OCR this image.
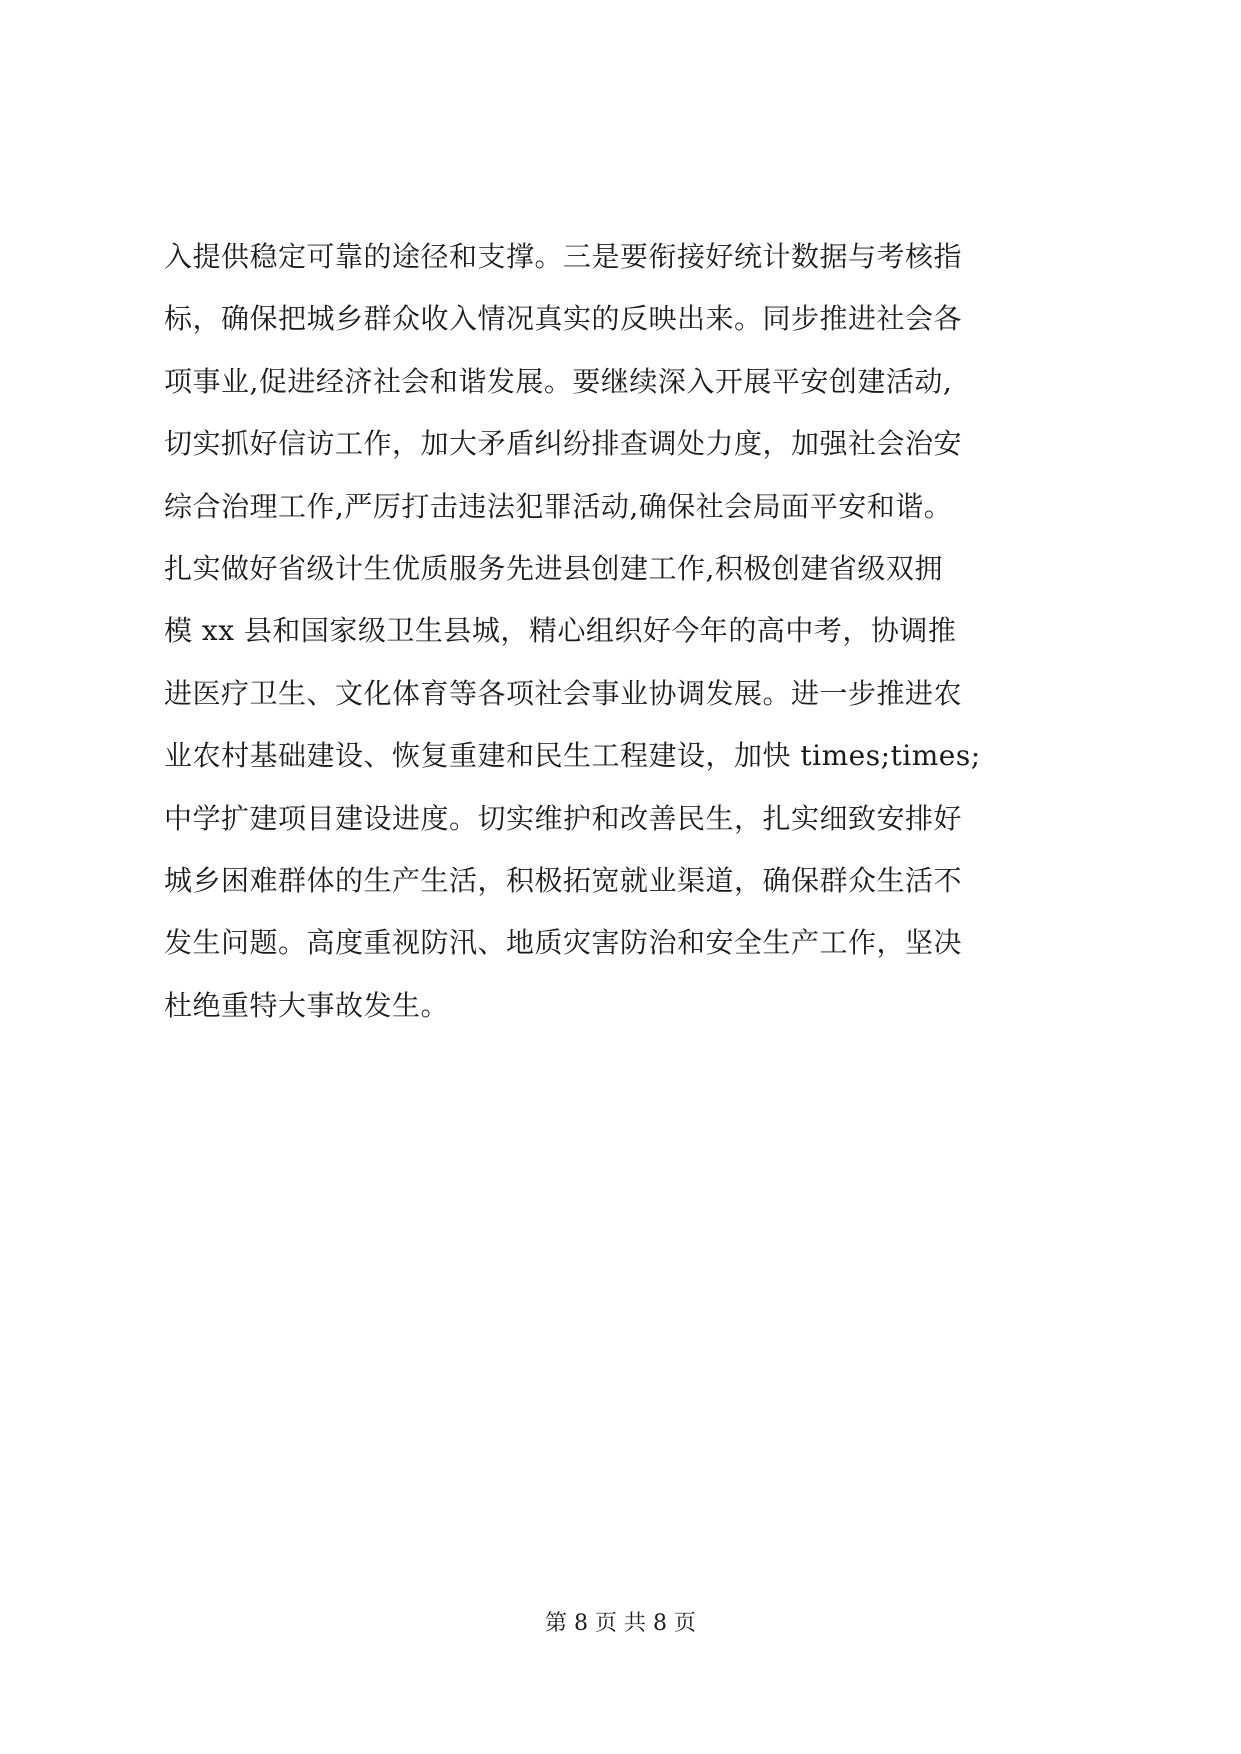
入提供稳定可靠的途径和支撑。三是要衔接好统计数据与考核指
标，确保把城乡群众收入情况真实的反映出来。同步推进社会各
项事业,促进经济社会和谐发展。要继续深入开展平安创建活动,
切实抓好信访工作，加大矛盾纠纷排查调处力度，加强社会治安
综合治理工作,严厉打击违法犯罪活动,确保社会局面平安和谐。
扎实做好省级计生优质服务先进县创建工作,积极创建省级双拥
模 xx 县和国家级卫生县城，精心组织好今年的高中考，协调推
进医疗卫生、文化体育等各项社会事业协调发展。进一步推进农
业农村基础建设、恢复重建和民生工程建设，加快 times;times;
中学扩建项目建设进度。切实维护和改善民生，扎实细致安排好
城乡困难群体的生产生活，积极拓宽就业渠道，确保群众生活不
发生问题。高度重视防汛、地质灾害防治和安全生产工作，坚决
杜绝重特大事故发生。
第 8 页 共 8 页
